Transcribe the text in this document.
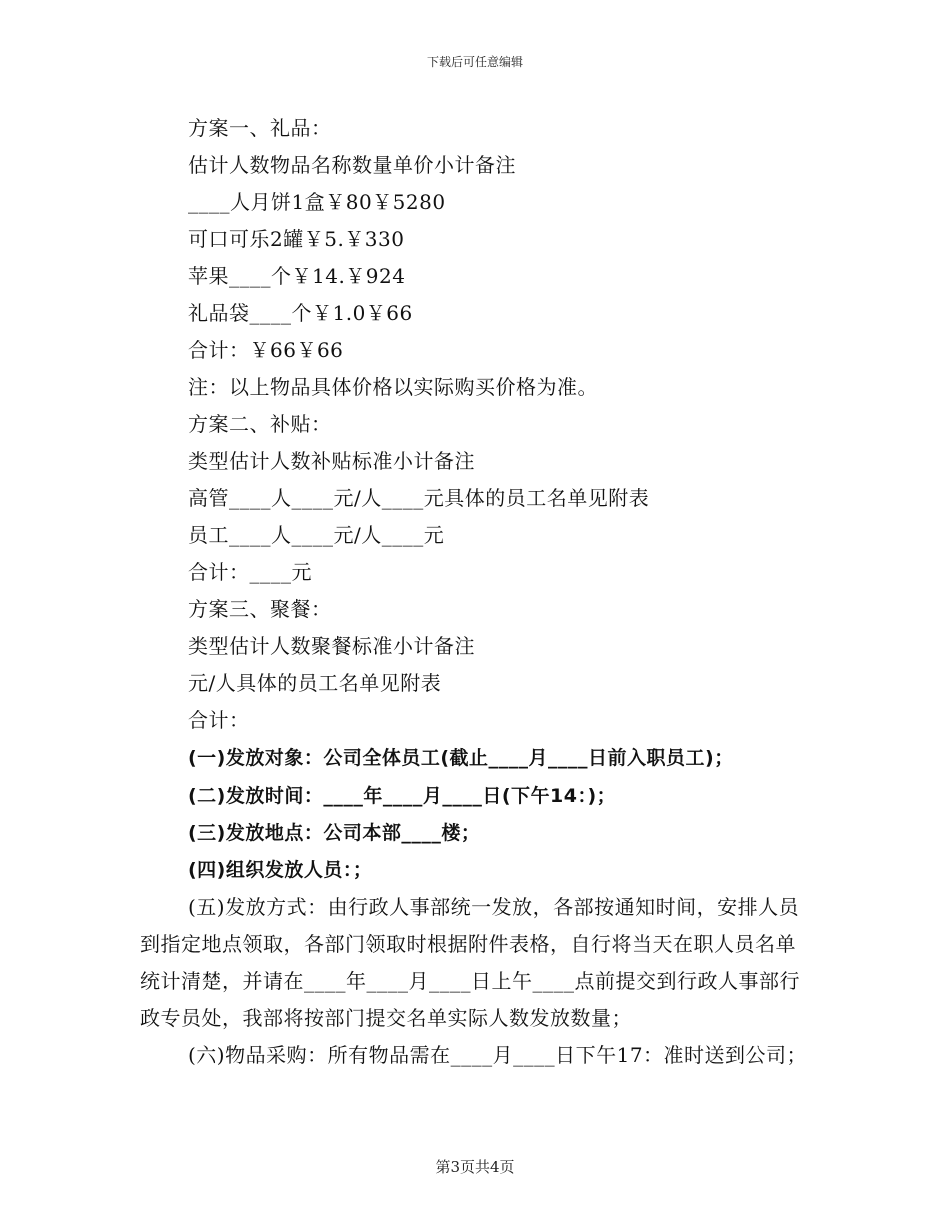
下载后可任意编辑
方案一、礼品：
估计人数物品名称数量单价小计备注
____人月饼1盒￥80￥5280
可口可乐2罐￥5.￥330
苹果____个￥14.￥924
礼品袋____个￥1.0￥66
合计：￥66￥66
注：以上物品具体价格以实际购买价格为准。
方案二、补贴：
类型估计人数补贴标准小计备注
高管____人____元/人____元具体的员工名单见附表
员工____人____元/人____元
合计：____元
方案三、聚餐：
类型估计人数聚餐标准小计备注
元/人具体的员工名单见附表
合计：
(一)发放对象：公司全体员工(截止____月____日前入职员工)；
(二)发放时间：____年____月____日(下午14：)；
(三)发放地点：公司本部____楼；
(四)组织发放人员：；

(五)发放方式：由行政人事部统一发放，各部按通知时间，安排人员到指定地点领取，各部门领取时根据附件表格，自行将当天在职人员名单统计清楚，并请在____年____月____日上午____点前提交到行政人事部行政专员处，我部将按部门提交名单实际人数发放数量；

(六)物品采购：所有物品需在____月____日下午17：准时送到公司；

第3页共4页
